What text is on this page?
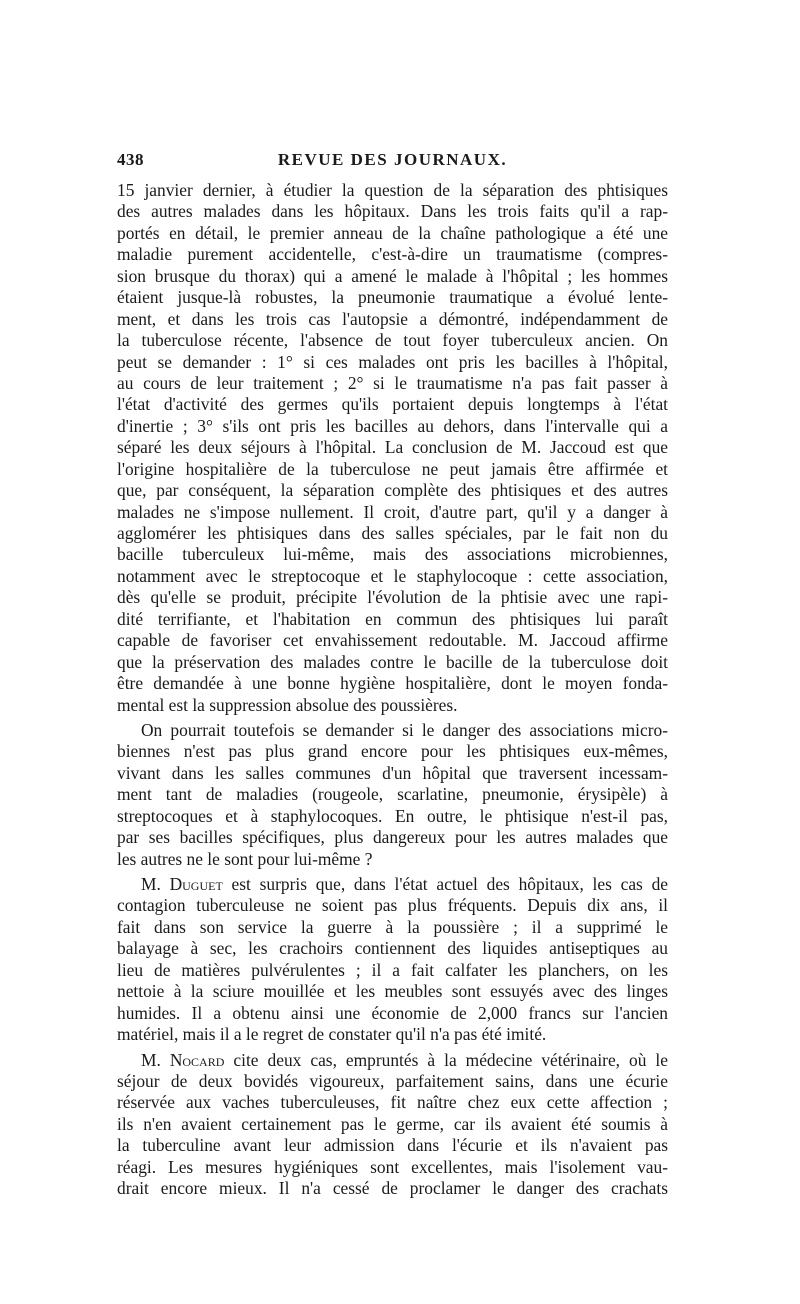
438	REVUE DES JOURNAUX.
15 janvier dernier, à étudier la question de la séparation des phtisiques
des autres malades dans les hôpitaux. Dans les trois faits qu'il a rap-
portés en détail, le premier anneau de la chaîne pathologique a été une
maladie purement accidentelle, c'est-à-dire un traumatisme (compres-
sion brusque du thorax) qui a amené le malade à l'hôpital ; les hommes
étaient jusque-là robustes, la pneumonie traumatique a évolué lente-
ment, et dans les trois cas l'autopsie a démontré, indépendamment de
la tuberculose récente, l'absence de tout foyer tuberculeux ancien. On
peut se demander : 1° si ces malades ont pris les bacilles à l'hôpital,
au cours de leur traitement ; 2° si le traumatisme n'a pas fait passer à
l'état d'activité des germes qu'ils portaient depuis longtemps à l'état
d'inertie ; 3° s'ils ont pris les bacilles au dehors, dans l'intervalle qui a
séparé les deux séjours à l'hôpital. La conclusion de M. Jaccoud est que
l'origine hospitalière de la tuberculose ne peut jamais être affirmée et
que, par conséquent, la séparation complète des phtisiques et des autres
malades ne s'impose nullement. Il croit, d'autre part, qu'il y a danger à
agglomérer les phtisiques dans des salles spéciales, par le fait non du
bacille tuberculeux lui-même, mais des associations microbiennes,
notamment avec le streptocoque et le staphylocoque : cette association,
dès qu'elle se produit, précipite l'évolution de la phtisie avec une rapi-
dité terrifiante, et l'habitation en commun des phtisiques lui paraît
capable de favoriser cet envahissement redoutable. M. Jaccoud affirme
que la préservation des malades contre le bacille de la tuberculose doit
être demandée à une bonne hygiène hospitalière, dont le moyen fonda-
mental est la suppression absolue des poussières.
On pourrait toutefois se demander si le danger des associations micro-
biennes n'est pas plus grand encore pour les phtisiques eux-mêmes,
vivant dans les salles communes d'un hôpital que traversent incessam-
ment tant de maladies (rougeole, scarlatine, pneumonie, érysipèle) à
streptocoques et à staphylocoques. En outre, le phtisique n'est-il pas,
par ses bacilles spécifiques, plus dangereux pour les autres malades que
les autres ne le sont pour lui-même ?
M. Duguet est surpris que, dans l'état actuel des hôpitaux, les cas de
contagion tuberculeuse ne soient pas plus fréquents. Depuis dix ans, il
fait dans son service la guerre à la poussière ; il a supprimé le
balayage à sec, les crachoirs contiennent des liquides antiseptiques au
lieu de matières pulvérulentes ; il a fait calfater les planchers, on les
nettoie à la sciure mouillée et les meubles sont essuyés avec des linges
humides. Il a obtenu ainsi une économie de 2,000 francs sur l'ancien
matériel, mais il a le regret de constater qu'il n'a pas été imité.
M. Nocard cite deux cas, empruntés à la médecine vétérinaire, où le
séjour de deux bovidés vigoureux, parfaitement sains, dans une écurie
réservée aux vaches tuberculeuses, fit naître chez eux cette affection ;
ils n'en avaient certainement pas le germe, car ils avaient été soumis à
la tuberculine avant leur admission dans l'écurie et ils n'avaient pas
réagi. Les mesures hygiéniques sont excellentes, mais l'isolement vau-
drait encore mieux. Il n'a cessé de proclamer le danger des crachats
